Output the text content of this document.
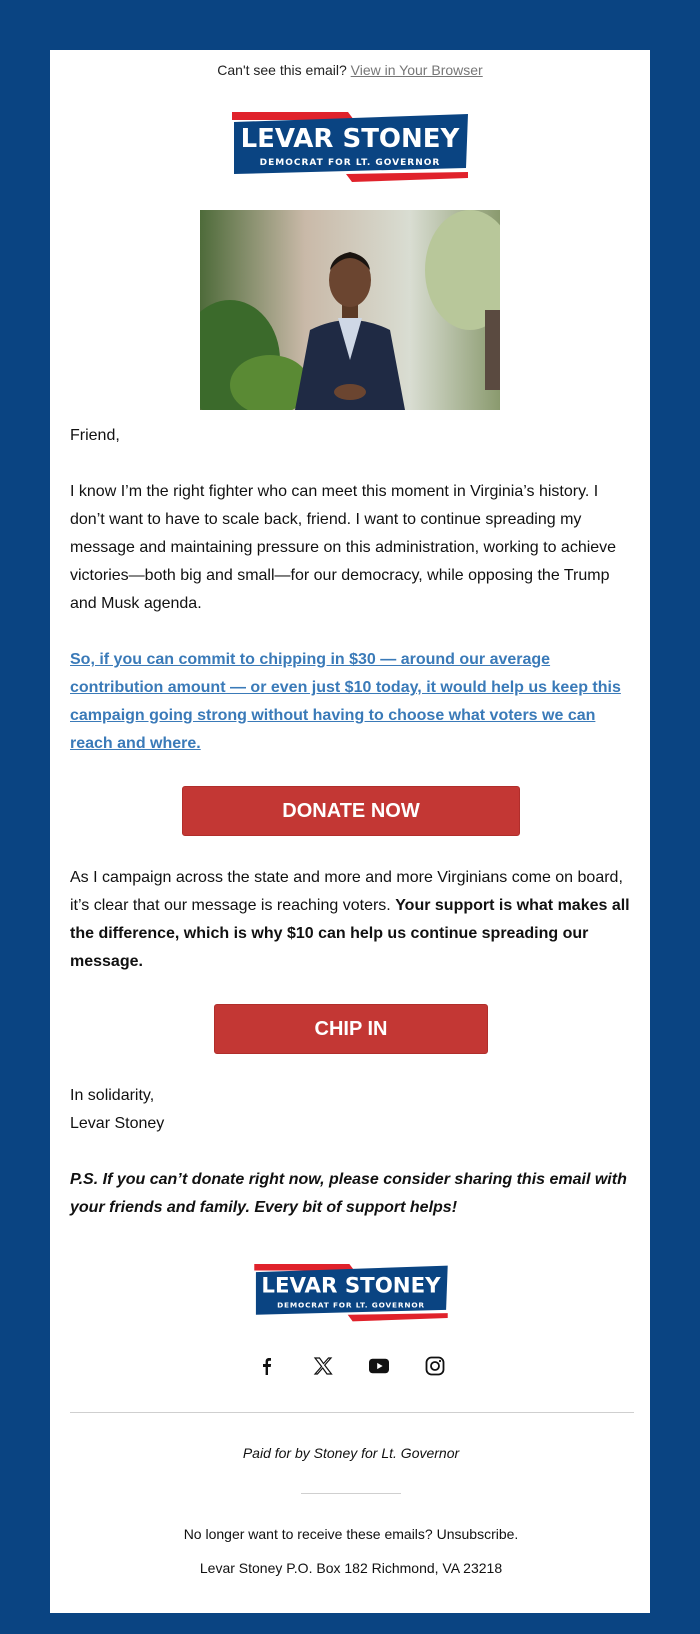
Can't see this email? View in Your Browser
LEVAR STONEY
DEMOCRAT FOR LT. GOVERNOR

Friend,

I know I’m the right fighter who can meet this moment in Virginia’s history. I don’t want to have to scale back, friend. I want to continue spreading my message and maintaining pressure on this administration, working to achieve victories—both big and small—for our democracy, while opposing the Trump and Musk agenda.

So, if you can commit to chipping in $30 — around our average contribution amount — or even just $10 today, it would help us keep this campaign going strong without having to choose what voters we can reach and where.

DONATE NOW

As I campaign across the state and more and more Virginians come on board, it’s clear that our message is reaching voters. Your support is what makes all the difference, which is why $10 can help us continue spreading our message.

CHIP IN

In solidarity,

Levar Stoney

P.S. If you can’t donate right now, please consider sharing this email with your friends and family. Every bit of support helps!

LEVAR STONEY
DEMOCRAT FOR LT. GOVERNOR

Paid for by Stoney for Lt. Governor

No longer want to receive these emails? Unsubscribe.

Levar Stoney P.O. Box 182 Richmond, VA 23218
